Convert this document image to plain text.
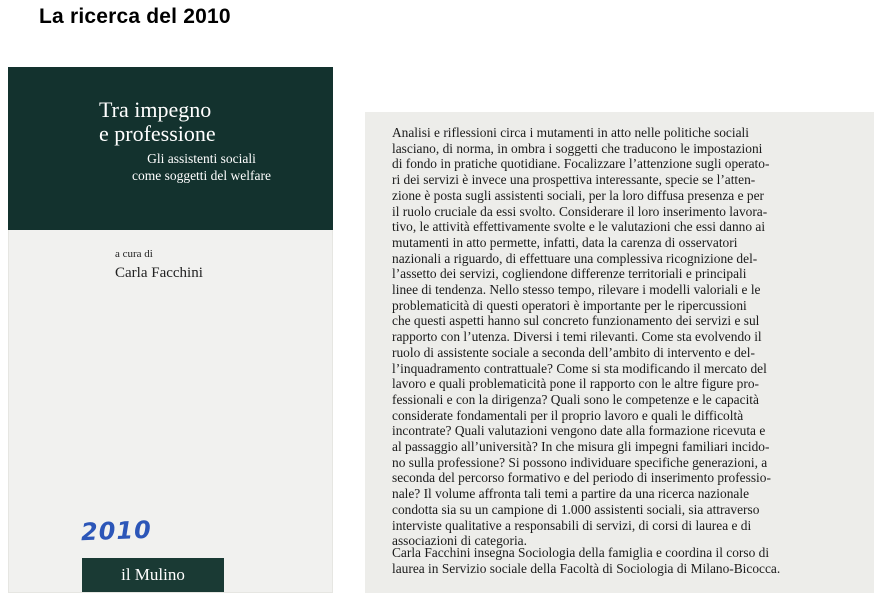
La ricerca del 2010
Tra impegno
e professione
Gli assistenti sociali
come soggetti del welfare
a cura di
Carla Facchini
2010
il Mulino
Analisi e riflessioni circa i mutamenti in atto nelle politiche sociali
lasciano, di norma, in ombra i soggetti che traducono le impostazioni
di fondo in pratiche quotidiane. Focalizzare l’attenzione sugli operato-
ri dei servizi è invece una prospettiva interessante, specie se l’atten-
zione è posta sugli assistenti sociali, per la loro diffusa presenza e per
il ruolo cruciale da essi svolto. Considerare il loro inserimento lavora-
tivo, le attività effettivamente svolte e le valutazioni che essi danno ai
mutamenti in atto permette, infatti, data la carenza di osservatori
nazionali a riguardo, di effettuare una complessiva ricognizione del-
l’assetto dei servizi, cogliendone differenze territoriali e principali
linee di tendenza. Nello stesso tempo, rilevare i modelli valoriali e le
problematicità di questi operatori è importante per le ripercussioni
che questi aspetti hanno sul concreto funzionamento dei servizi e sul
rapporto con l’utenza. Diversi i temi rilevanti. Come sta evolvendo il
ruolo di assistente sociale a seconda dell’ambito di intervento e del-
l’inquadramento contrattuale? Come si sta modificando il mercato del
lavoro e quali problematicità pone il rapporto con le altre figure pro-
fessionali e con la dirigenza? Quali sono le competenze e le capacità
considerate fondamentali per il proprio lavoro e quali le difficoltà
incontrate? Quali valutazioni vengono date alla formazione ricevuta e
al passaggio all’università? In che misura gli impegni familiari incido-
no sulla professione? Si possono individuare specifiche generazioni, a
seconda del percorso formativo e del periodo di inserimento professio-
nale? Il volume affronta tali temi a partire da una ricerca nazionale
condotta sia su un campione di 1.000 assistenti sociali, sia attraverso
interviste qualitative a responsabili di servizi, di corsi di laurea e di
associazioni di categoria.
Carla Facchini insegna Sociologia della famiglia e coordina il corso di
laurea in Servizio sociale della Facoltà di Sociologia di Milano-Bicocca.
